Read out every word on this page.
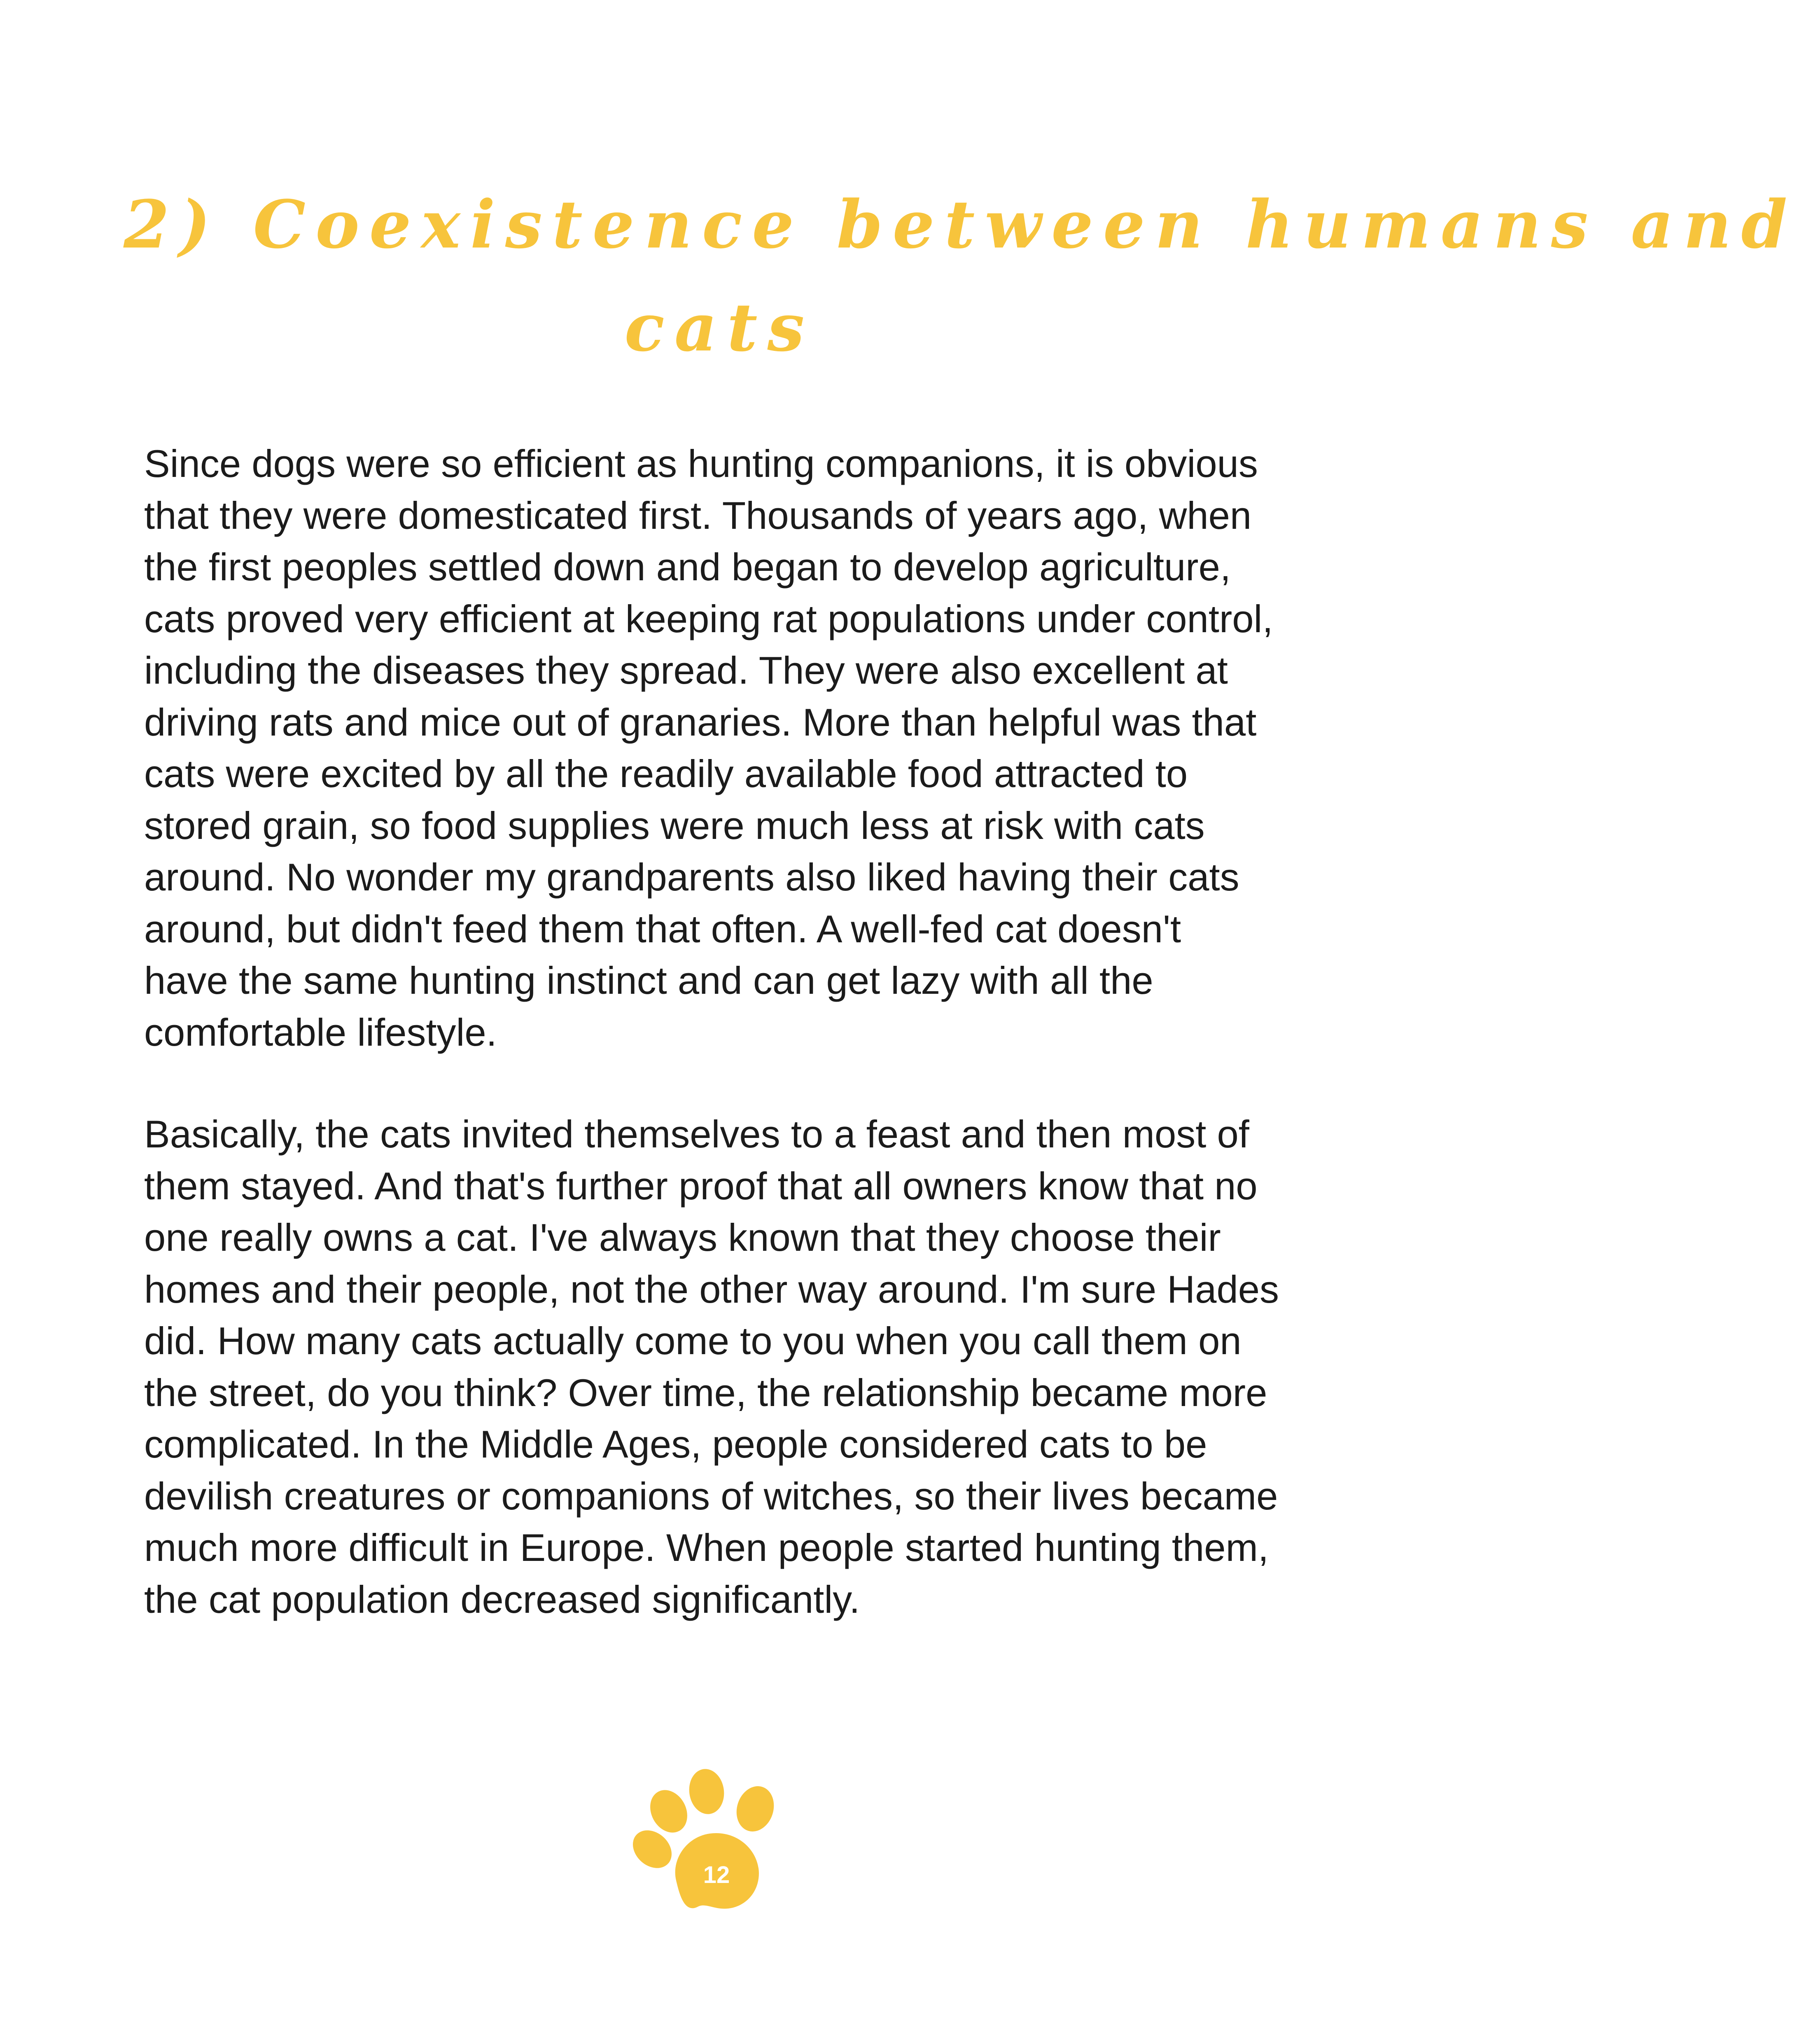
2) Coexistence between humans and
cats
Since dogs were so efficient as hunting companions, it is obvious
that they were domesticated first. Thousands of years ago, when
the first peoples settled down and began to develop agriculture,
cats proved very efficient at keeping rat populations under control,
including the diseases they spread. They were also excellent at
driving rats and mice out of granaries. More than helpful was that
cats were excited by all the readily available food attracted to
stored grain, so food supplies were much less at risk with cats
around. No wonder my grandparents also liked having their cats
around, but didn't feed them that often. A well-fed cat doesn't
have the same hunting instinct and can get lazy with all the
comfortable lifestyle.
Basically, the cats invited themselves to a feast and then most of
them stayed. And that's further proof that all owners know that no
one really owns a cat. I've always known that they choose their
homes and their people, not the other way around. I'm sure Hades
did. How many cats actually come to you when you call them on
the street, do you think? Over time, the relationship became more
complicated. In the Middle Ages, people considered cats to be
devilish creatures or companions of witches, so their lives became
much more difficult in Europe. When people started hunting them,
the cat population decreased significantly.
12
